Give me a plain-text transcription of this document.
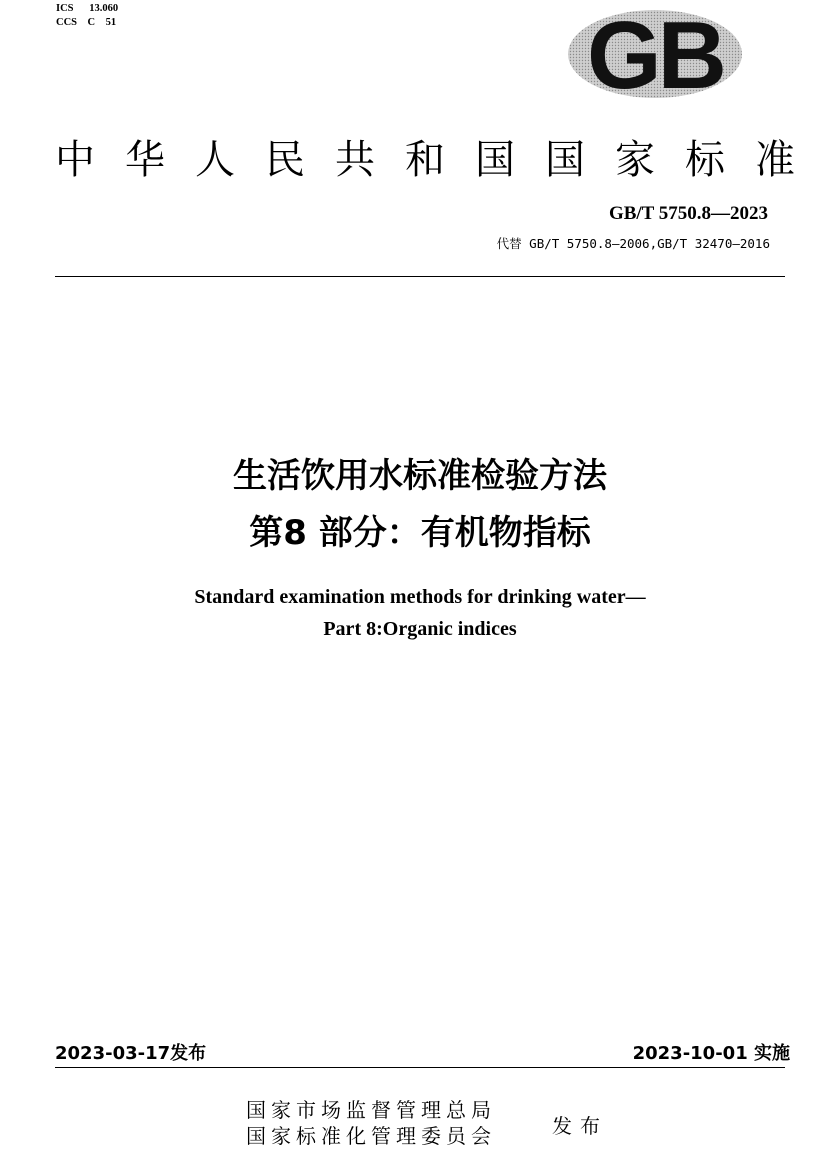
ICS      13.060
CCS    C    51	GB
中 华 人 民 共 和 国 国 家 标 准
GB/T 5750.8—2023
代替 GB/T 5750.8—2006,GB/T 32470—2016
生活饮用水标准检验方法
第8 部分：有机物指标
Standard examination methods for drinking water—
Part 8:Organic indices
2023-03-17发布	2023-10-01 实施
国家市场监督管理总局
国家标准化管理委员会	发布
